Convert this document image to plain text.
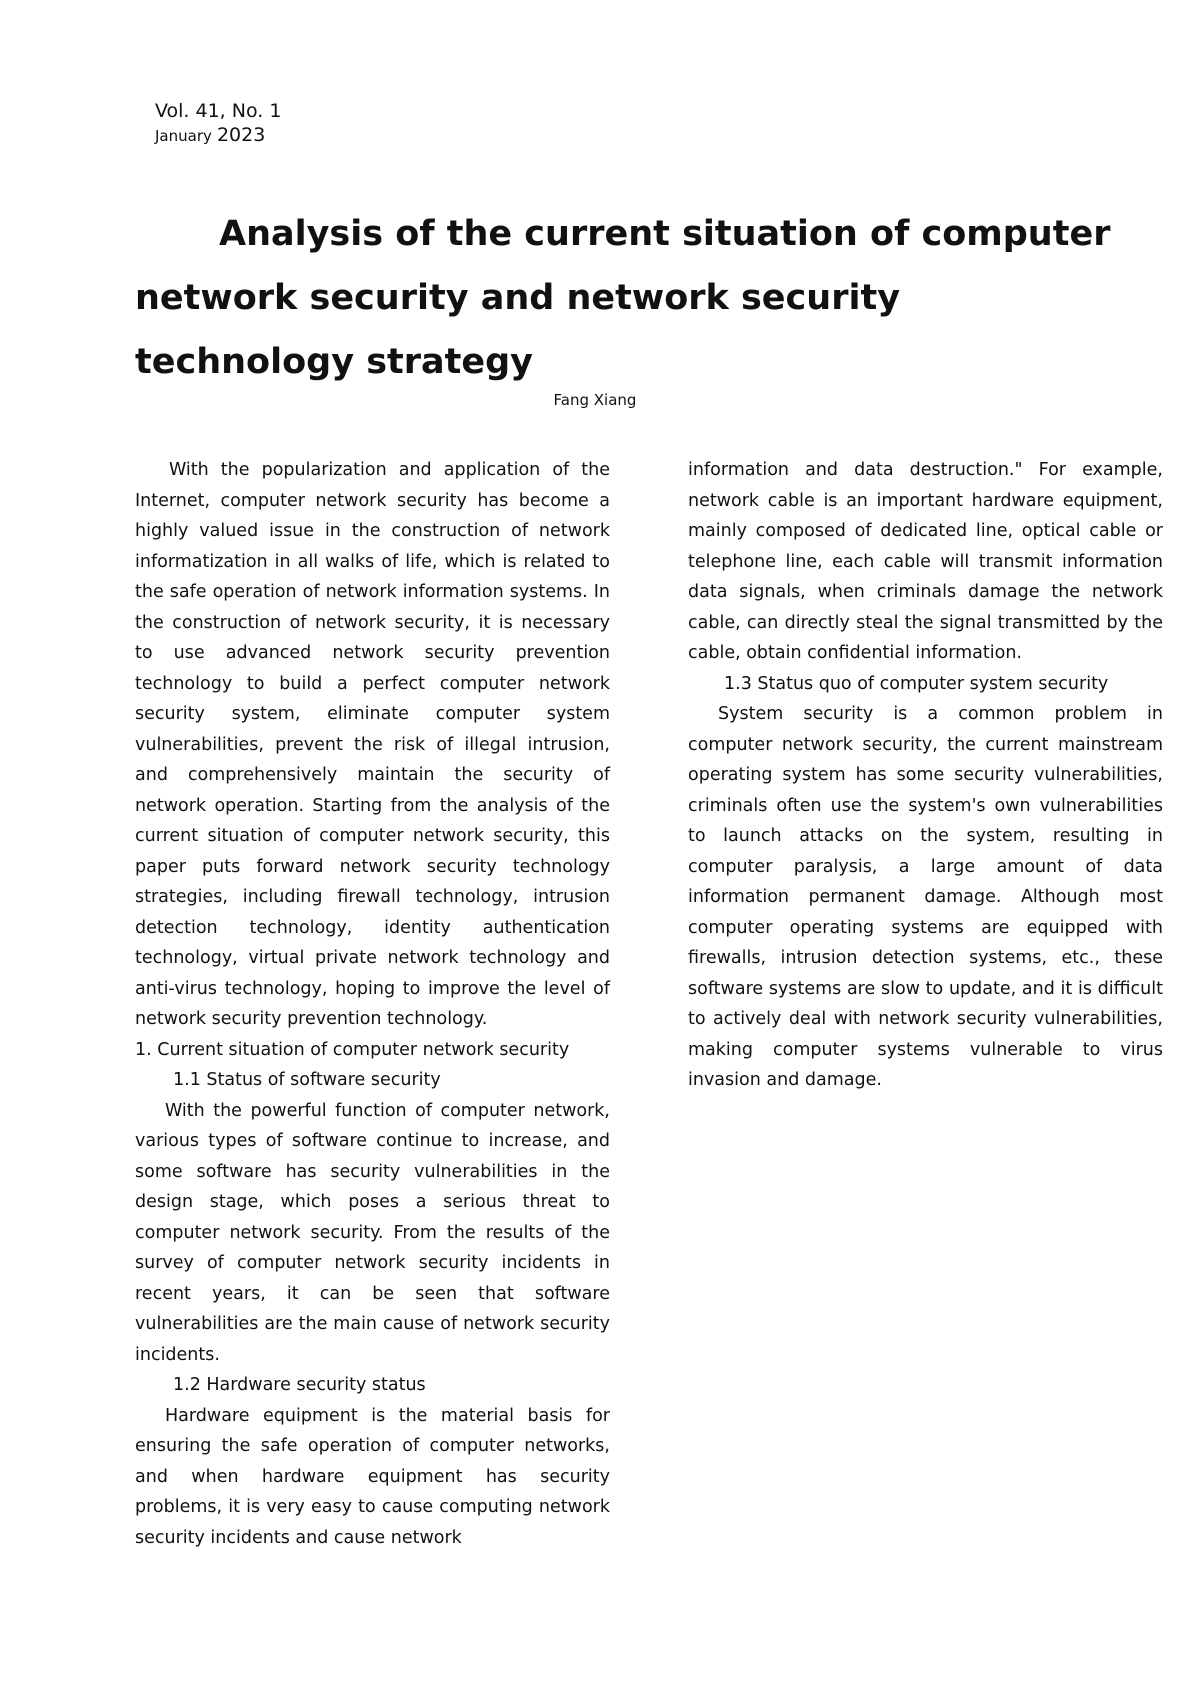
Vol. 41, No. 1
January 2023
Analysis of the current situation of computer network security and network security technology strategy
Fang Xiang

With the popularization and application of the Internet, computer network security has become a highly valued issue in the construction of network informatization in all walks of life, which is related to the safe operation of network information systems. In the construction of network security, it is necessary to use advanced network security prevention technology to build a perfect computer network security system, eliminate computer system vulnerabilities, prevent the risk of illegal intrusion, and comprehensively maintain the security of network operation. Starting from the analysis of the current situation of computer network security, this paper puts forward network security technology strategies, including firewall technology, intrusion detection technology, identity authentication technology, virtual private network technology and anti-virus technology, hoping to improve the level of network security prevention technology.

1. Current situation of computer network security

1.1 Status of software security

With the powerful function of computer network, various types of software continue to increase, and some software has security vulnerabilities in the design stage, which poses a serious threat to computer network security. From the results of the survey of computer network security incidents in recent years, it can be seen that software vulnerabilities are the main cause of network security incidents.

1.2 Hardware security status

Hardware equipment is the material basis for ensuring the safe operation of computer networks, and when hardware equipment has security problems, it is very easy to cause computing network security incidents and cause network

information and data destruction." For example, network cable is an important hardware equipment, mainly composed of dedicated line, optical cable or telephone line, each cable will transmit information data signals, when criminals damage the network cable, can directly steal the signal transmitted by the cable, obtain confidential information.

1.3 Status quo of computer system security

System security is a common problem in computer network security, the current mainstream operating system has some security vulnerabilities, criminals often use the system's own vulnerabilities to launch attacks on the system, resulting in computer paralysis, a large amount of data information permanent damage. Although most computer operating systems are equipped with firewalls, intrusion detection systems, etc., these software systems are slow to update, and it is difficult to actively deal with network security vulnerabilities, making computer systems vulnerable to virus invasion and damage.
